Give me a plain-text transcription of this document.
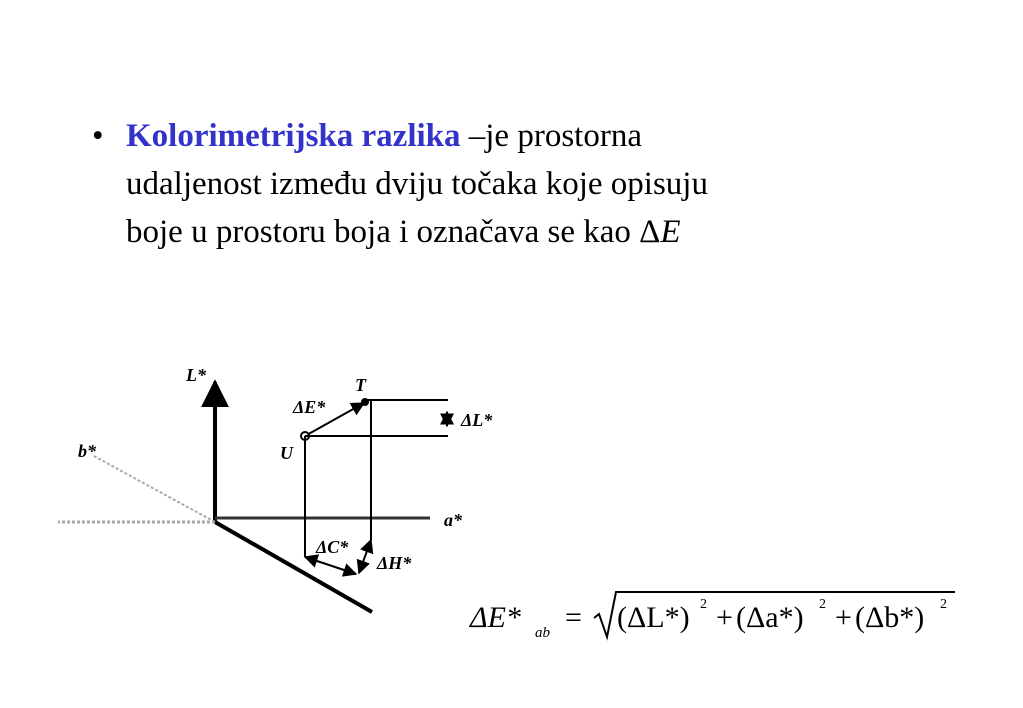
• Kolorimetrijska razlika –je prostorna
udaljenost između dviju točaka koje opisuju
boje u prostoru boja i označava se kao ΔE
L*
b*
a*
T
U
ΔE*
ΔL*
ΔC*
ΔH*
ΔE* ab = (ΔL*) 2 + (Δa*) 2 + (Δb*) 2
